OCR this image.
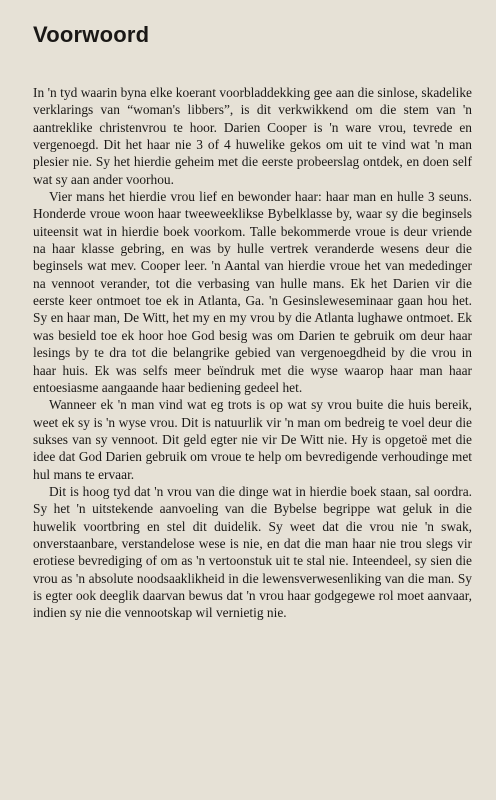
Voorwoord

In 'n tyd waarin byna elke koerant voorbladdekking gee aan die sinlose, skadelike verklarings van “woman's libbers”, is dit verkwikkend om die stem van 'n aantreklike christenvrou te hoor. Darien Cooper is 'n ware vrou, tevrede en vergenoegd. Dit het haar nie 3 of 4 huwelike gekos om uit te vind wat 'n man plesier nie. Sy het hierdie geheim met die eerste probeerslag ontdek, en doen self wat sy aan ander voorhou.

Vier mans het hierdie vrou lief en bewonder haar: haar man en hulle 3 seuns. Honderde vroue woon haar tweeweeklikse Bybelklasse by, waar sy die beginsels uiteensit wat in hierdie boek voorkom. Talle bekommerde vroue is deur vriende na haar klasse gebring, en was by hulle vertrek veranderde wesens deur die beginsels wat mev. Cooper leer. 'n Aantal van hierdie vroue het van mededinger na vennoot verander, tot die verbasing van hulle mans. Ek het Darien vir die eerste keer ontmoet toe ek in Atlanta, Ga. 'n Gesinsleweseminaar gaan hou het. Sy en haar man, De Witt, het my en my vrou by die Atlanta lughawe ontmoet. Ek was besield toe ek hoor hoe God besig was om Darien te gebruik om deur haar lesings by te dra tot die belangrike gebied van vergenoegdheid by die vrou in haar huis. Ek was selfs meer beïndruk met die wyse waarop haar man haar entoesiasme aangaande haar bediening gedeel het.

Wanneer ek 'n man vind wat eg trots is op wat sy vrou buite die huis bereik, weet ek sy is 'n wyse vrou. Dit is natuurlik vir 'n man om bedreig te voel deur die sukses van sy vennoot. Dit geld egter nie vir De Witt nie. Hy is opgetoë met die idee dat God Darien gebruik om vroue te help om bevredigende verhoudinge met hul mans te ervaar.

Dit is hoog tyd dat 'n vrou van die dinge wat in hierdie boek staan, sal oordra. Sy het 'n uitstekende aanvoeling van die Bybelse begrippe wat geluk in die huwelik voortbring en stel dit duidelik. Sy weet dat die vrou nie 'n swak, onverstaanbare, verstandelose wese is nie, en dat die man haar nie trou slegs vir erotiese bevrediging of om as 'n vertoonstuk uit te stal nie. Inteendeel, sy sien die vrou as 'n absolute noodsaaklikheid in die lewensverwesenliking van die man. Sy is egter ook deeglik daarvan bewus dat 'n vrou haar godgegewe rol moet aanvaar, indien sy nie die vennootskap wil vernietig nie.
